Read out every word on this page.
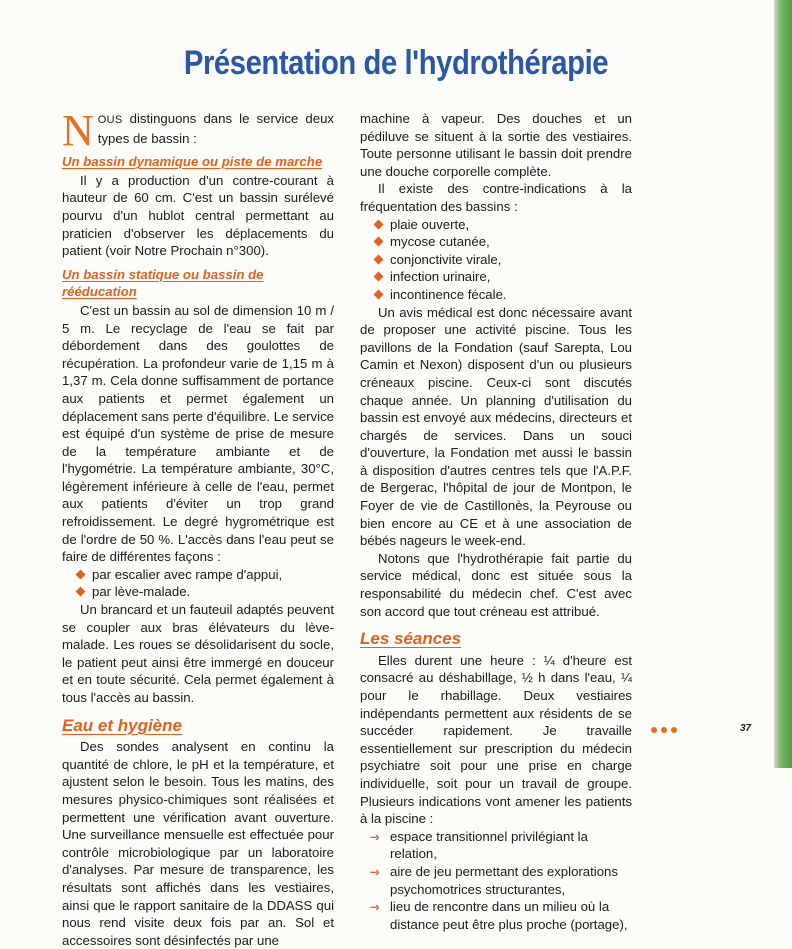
Présentation de l'hydrothérapie

NOUS distinguons dans le service deux types de bassin :

Un bassin dynamique ou piste de marche

Il y a production d'un contre-courant à hauteur de 60 cm. C'est un bassin surélevé pourvu d'un hublot central permettant au praticien d'observer les déplacements du patient (voir Notre Prochain n°300).

Un bassin statique ou bassin de rééducation

C'est un bassin au sol de dimension 10 m / 5 m. Le recyclage de l'eau se fait par débordement dans des goulottes de récupération. La profondeur varie de 1,15 m à 1,37 m. Cela donne suffisamment de portance aux patients et permet également un déplacement sans perte d'équilibre. Le service est équipé d'un système de prise de mesure de la température ambiante et de l'hygométrie. La température ambiante, 30°C, légèrement inférieure à celle de l'eau, permet aux patients d'éviter un trop grand refroidissement. Le degré hygrométrique est de l'ordre de 50 %. L'accès dans l'eau peut se faire de différentes façons :

par escalier avec rampe d'appui,
par lève-malade.

Un brancard et un fauteuil adaptés peuvent se coupler aux bras élévateurs du lève-malade. Les roues se désolidarisent du socle, le patient peut ainsi être immergé en douceur et en toute sécurité. Cela permet également à tous l'accès au bassin.

Eau et hygiène

Des sondes analysent en continu la quantité de chlore, le pH et la température, et ajustent selon le besoin. Tous les matins, des mesures physico-chimiques sont réalisées et permettent une vérification avant ouverture. Une surveillance mensuelle est effectuée pour contrôle microbiologique par un laboratoire d'analyses. Par mesure de transparence, les résultats sont affichés dans les vestiaires, ainsi que le rapport sanitaire de la DDASS qui nous rend visite deux fois par an. Sol et accessoires sont désinfectés par une

machine à vapeur. Des douches et un pédiluve se situent à la sortie des vestiaires. Toute personne utilisant le bassin doit prendre une douche corporelle complète.

Il existe des contre-indications à la fréquentation des bassins :

plaie ouverte,
mycose cutanée,
conjonctivite virale,
infection urinaire,
incontinence fécale.

Un avis médical est donc nécessaire avant de proposer une activité piscine. Tous les pavillons de la Fondation (sauf Sarepta, Lou Camin et Nexon) disposent d'un ou plusieurs créneaux piscine. Ceux-ci sont discutés chaque année. Un planning d'utilisation du bassin est envoyé aux médecins, directeurs et chargés de services. Dans un souci d'ouverture, la Fondation met aussi le bassin à disposition d'autres centres tels que l'A.P.F. de Bergerac, l'hôpital de jour de Montpon, le Foyer de vie de Castillonès, la Peyrouse ou bien encore au CE et à une association de bébés nageurs le week-end.

Notons que l'hydrothérapie fait partie du service médical, donc est située sous la responsabilité du médecin chef. C'est avec son accord que tout créneau est attribué.

Les séances

Elles durent une heure : ¼ d'heure est consacré au déshabillage, ½ h dans l'eau, ¼ pour le rhabillage. Deux vestiaires indépendants permettent aux résidents de se succéder rapidement. Je travaille essentiellement sur prescription du médecin psychiatre soit pour une prise en charge individuelle, soit pour un travail de groupe. Plusieurs indications vont amener les patients à la piscine :

–› espace transitionnel privilégiant la relation,
–› aire de jeu permettant des explorations psychomotrices structurantes,
–› lieu de rencontre dans un milieu où la distance peut être plus proche (portage),
37
